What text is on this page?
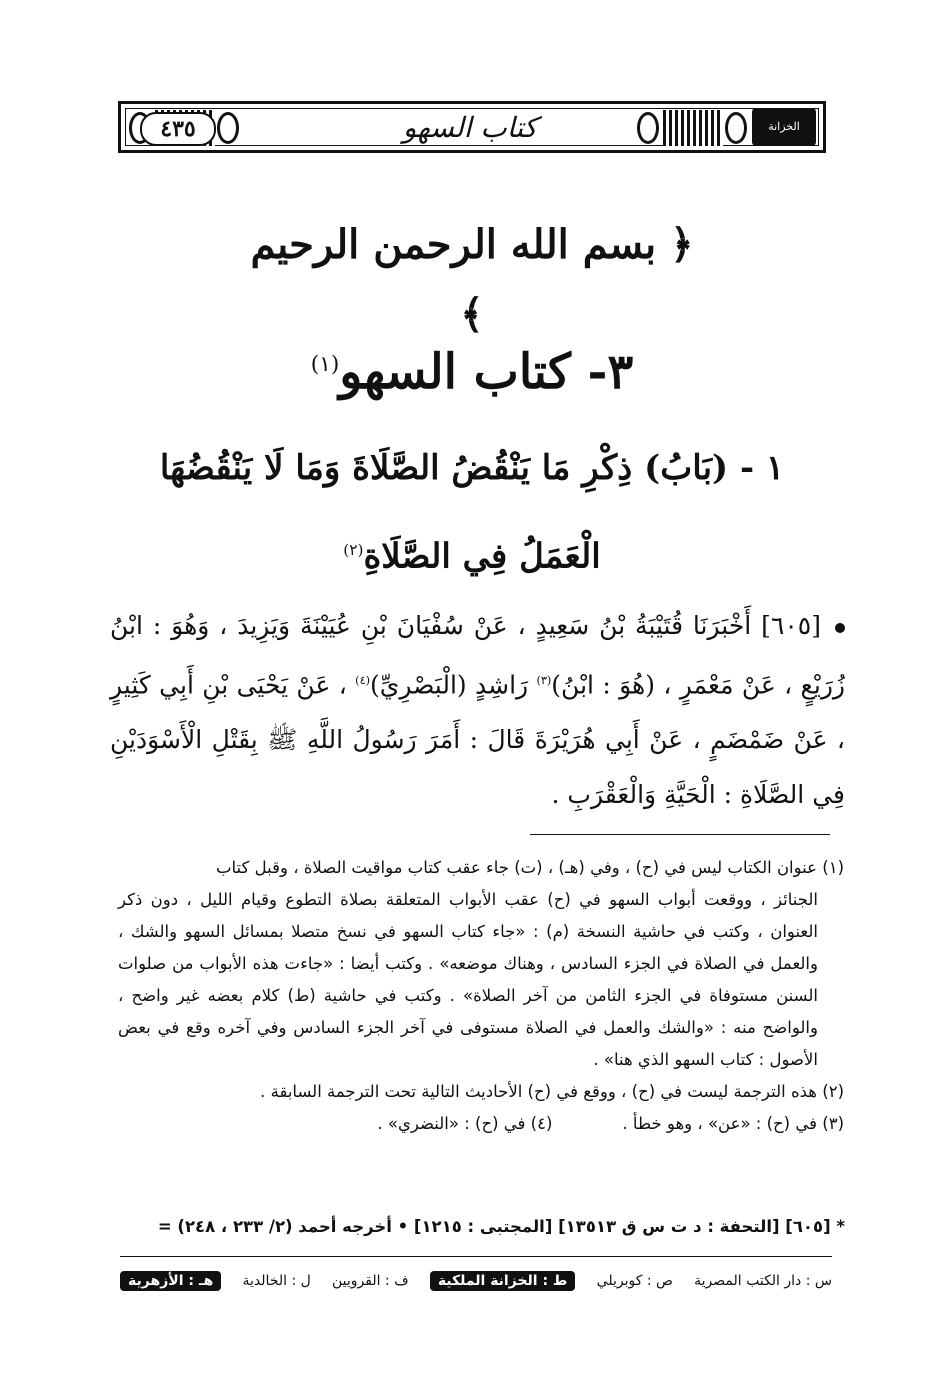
٤٣٥	كتاب السهو	الخزانة الملكية
﴿ بسم الله الرحمن الرحيم ﴾
٣- كتاب السهو$^{(١)}$
١ - (بَابُ) ذِكْرِ مَا يَنْقُضُ الصَّلَاةَ وَمَا لَا يَنْقُضُهَا
الْعَمَلُ فِي الصَّلَاةِ$^{(٢)}$
[٦٠٥] أَخْبَرَنَا قُتَيْبَةُ بْنُ سَعِيدٍ ، عَنْ سُفْيَانَ بْنِ عُيَيْنَةَ وَيَزِيدَ ، وَهُوَ : ابْنُ زُرَيْعٍ ، عَنْ مَعْمَرٍ ، (هُوَ : ابْنُ)$^{(٣)}$ رَاشِدٍ (الْبَصْرِيِّ)$^{(٤)}$ ، عَنْ يَحْيَى بْنِ أَبِي كَثِيرٍ ، عَنْ ضَمْضَمٍ ، عَنْ أَبِي هُرَيْرَةَ قَالَ : أَمَرَ رَسُولُ اللَّهِ ﷺ بِقَتْلِ الْأَسْوَدَيْنِ فِي الصَّلَاةِ : الْحَيَّةِ وَالْعَقْرَبِ .

(١) عنوان الكتاب ليس في (ح) ، وفي (هـ) ، (ت) جاء عقب كتاب مواقيت الصلاة ، وقبل كتاب

الجنائز ، ووقعت أبواب السهو في (ح) عقب الأبواب المتعلقة بصلاة التطوع وقيام الليل ، دون ذكر العنوان ، وكتب في حاشية النسخة (م) : «جاء كتاب السهو في نسخ متصلا بمسائل السهو والشك ، والعمل في الصلاة في الجزء السادس ، وهناك موضعه» . وكتب أيضا : «جاءت هذه الأبواب من صلوات السنن مستوفاة في الجزء الثامن من آخر الصلاة» . وكتب في حاشية (ط) كلام بعضه غير واضح ، والواضح منه : «والشك والعمل في الصلاة مستوفى في آخر الجزء السادس وفي آخره وقع في بعض الأصول : كتاب السهو الذي هنا» .

(٢) هذه الترجمة ليست في (ح) ، ووقع في (ح) الأحاديث التالية تحت الترجمة السابقة .

(٣) في (ح) : «عن» ، وهو خطأ .

(٤) في (ح) : «النضري» .

* [٦٠٥] [التحفة : د ت س ق ١٣٥١٣] [المجتبى : ١٢١٥] • أخرجه أحمد (٢/ ٢٣٣ ، ٢٤٨) =
س : دار الكتب المصرية
ص : كوبريلي
ط : الخزانة الملكية
ف : القرويين
ل : الخالدية
هـ : الأزهرية
